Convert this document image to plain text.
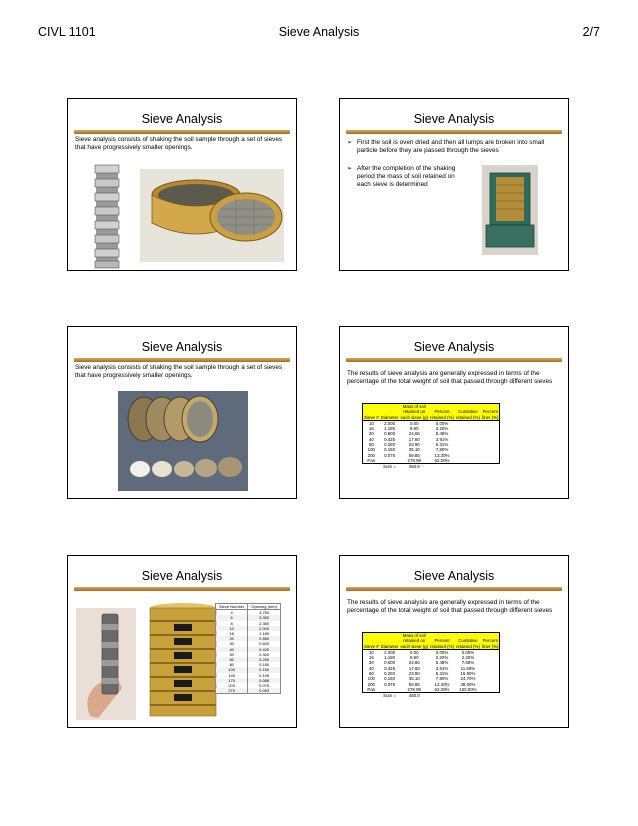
CIVL 1101	Sieve Analysis	2/7
Sieve Analysis
Sieve analysis consists of shaking the soil sample through a set of sieves that have progressively smaller openings.
Sieve Analysis
➢ First the soil is oven dried and then all lumps are broken into small particle before they are passed through the sieves
➢ After the completion of the shaking period the mass of soil retained on each sieve is determined
Sieve Analysis
Sieve analysis consists of shaking the soil sample through a set of sieves that have progressively smaller openings.
Sieve Analysis
The results of sieve analysis are generally expressed in terms of the percentage of the total weight of soil that passed through different sieves
		Mass of soil			
		retained on	Percent	Cumlative	Percent
Sieve #	Diameter	each sieve (g)	retained (%)	retained (%)	finer (%)
10	2.000	0.00	0.00%		
16	1.180	9.90	2.20%		
30	0.600	24.66	5.48%		
40	0.425	17.60	3.91%		
60	0.250	23.90	5.31%		
100	0.150	35.10	7.80%		
200	0.075	59.85	13.30%		
Pan		278.99	62.00%		
	Sum =	450.0			
Sieve Analysis
Sieve Number	Opening (mm)
4	4.750
6	3.350
8	2.360
10	2.000
16	1.180
20	0.850
30	0.600
40	0.425
50	0.300
60	0.250
80	0.180
100	0.150
140	0.106
170	0.088
200	0.075
270	0.053
Sieve Analysis
The results of sieve analysis are generally expressed in terms of the percentage of the total weight of soil that passed through different sieves
		Mass of soil			
		retained on	Percent	Cumlative	Percent
Sieve #	Diameter	each sieve (g)	retained (%)	retained (%)	finer (%)
10	2.000	0.00	0.00%	0.00%	
16	1.180	9.90	2.20%	2.20%	
30	0.600	24.66	5.48%	7.68%	
40	0.425	17.60	3.91%	11.59%	
60	0.250	23.90	5.31%	16.90%	
100	0.150	35.10	7.80%	24.70%	
200	0.075	59.85	13.30%	38.00%	
Pan		278.99	62.00%	100.00%	
	Sum =	450.0			
